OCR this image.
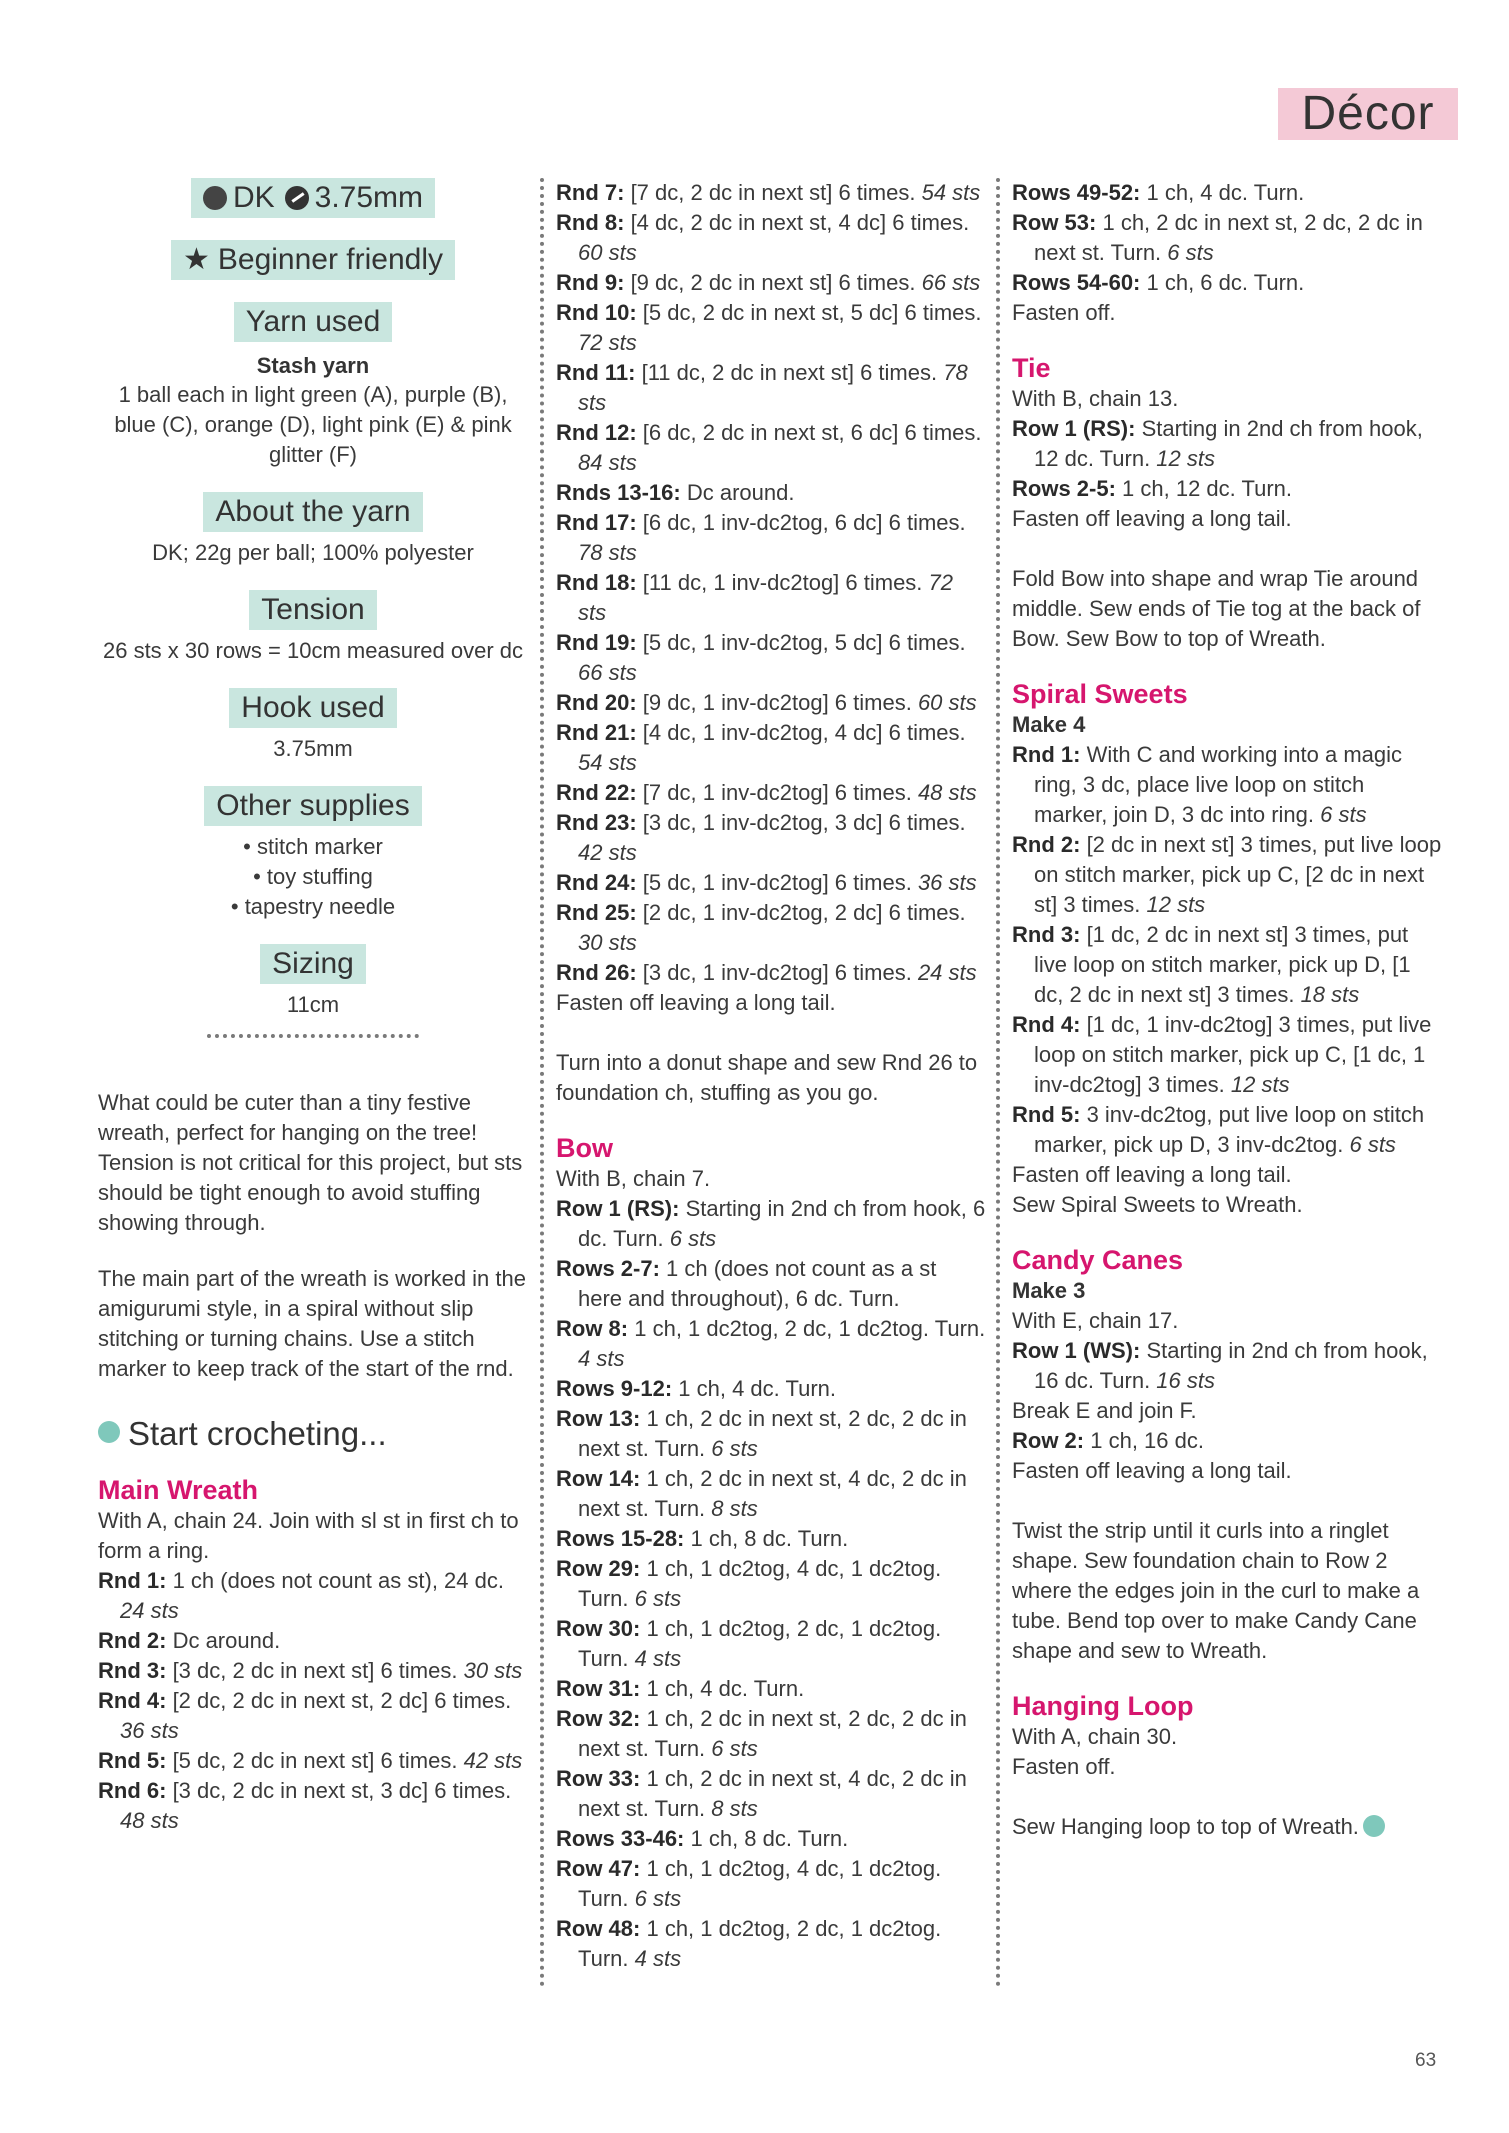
Décor
DK 3.75mm
★ Beginner friendly
Yarn used
Stash yarn
1 ball each in light green (A), purple (B), blue (C), orange (D), light pink (E) & pink glitter (F)
About the yarn
DK; 22g per ball; 100% polyester
Tension
26 sts x 30 rows = 10cm measured over dc
Hook used
3.75mm
Other supplies
• stitch marker
• toy stuffing
• tapestry needle
Sizing
11cm
What could be cuter than a tiny festive wreath, perfect for hanging on the tree! Tension is not critical for this project, but sts should be tight enough to avoid stuffing showing through.
The main part of the wreath is worked in the amigurumi style, in a spiral without slip stitching or turning chains. Use a stitch marker to keep track of the start of the rnd.
Start crocheting...
Main Wreath
With A, chain 24. Join with sl st in first ch to form a ring.
Rnd 1: 1 ch (does not count as st), 24 dc. 24 sts
Rnd 2: Dc around.
Rnd 3: [3 dc, 2 dc in next st] 6 times. 30 sts
Rnd 4: [2 dc, 2 dc in next st, 2 dc] 6 times. 36 sts
Rnd 5: [5 dc, 2 dc in next st] 6 times. 42 sts
Rnd 6: [3 dc, 2 dc in next st, 3 dc] 6 times. 48 sts
Rnd 7: [7 dc, 2 dc in next st] 6 times. 54 sts
Rnd 8: [4 dc, 2 dc in next st, 4 dc] 6 times. 60 sts
Rnd 9: [9 dc, 2 dc in next st] 6 times. 66 sts
Rnd 10: [5 dc, 2 dc in next st, 5 dc] 6 times. 72 sts
Rnd 11: [11 dc, 2 dc in next st] 6 times. 78 sts
Rnd 12: [6 dc, 2 dc in next st, 6 dc] 6 times. 84 sts
Rnds 13-16: Dc around.
Rnd 17: [6 dc, 1 inv-dc2tog, 6 dc] 6 times. 78 sts
Rnd 18: [11 dc, 1 inv-dc2tog] 6 times. 72 sts
Rnd 19: [5 dc, 1 inv-dc2tog, 5 dc] 6 times. 66 sts
Rnd 20: [9 dc, 1 inv-dc2tog] 6 times. 60 sts
Rnd 21: [4 dc, 1 inv-dc2tog, 4 dc] 6 times. 54 sts
Rnd 22: [7 dc, 1 inv-dc2tog] 6 times. 48 sts
Rnd 23: [3 dc, 1 inv-dc2tog, 3 dc] 6 times. 42 sts
Rnd 24: [5 dc, 1 inv-dc2tog] 6 times. 36 sts
Rnd 25: [2 dc, 1 inv-dc2tog, 2 dc] 6 times. 30 sts
Rnd 26: [3 dc, 1 inv-dc2tog] 6 times. 24 sts
Fasten off leaving a long tail.
Turn into a donut shape and sew Rnd 26 to foundation ch, stuffing as you go.
Bow
With B, chain 7.
Row 1 (RS): Starting in 2nd ch from hook, 6 dc. Turn. 6 sts
Rows 2-7: 1 ch (does not count as a st here and throughout), 6 dc. Turn.
Row 8: 1 ch, 1 dc2tog, 2 dc, 1 dc2tog. Turn. 4 sts
Rows 9-12: 1 ch, 4 dc. Turn.
Row 13: 1 ch, 2 dc in next st, 2 dc, 2 dc in next st. Turn. 6 sts
Row 14: 1 ch, 2 dc in next st, 4 dc, 2 dc in next st. Turn. 8 sts
Rows 15-28: 1 ch, 8 dc. Turn.
Row 29: 1 ch, 1 dc2tog, 4 dc, 1 dc2tog. Turn. 6 sts
Row 30: 1 ch, 1 dc2tog, 2 dc, 1 dc2tog. Turn. 4 sts
Row 31: 1 ch, 4 dc. Turn.
Row 32: 1 ch, 2 dc in next st, 2 dc, 2 dc in next st. Turn. 6 sts
Row 33: 1 ch, 2 dc in next st, 4 dc, 2 dc in next st. Turn. 8 sts
Rows 33-46: 1 ch, 8 dc. Turn.
Row 47: 1 ch, 1 dc2tog, 4 dc, 1 dc2tog. Turn. 6 sts
Row 48: 1 ch, 1 dc2tog, 2 dc, 1 dc2tog. Turn. 4 sts
Rows 49-52: 1 ch, 4 dc. Turn.
Row 53: 1 ch, 2 dc in next st, 2 dc, 2 dc in next st. Turn. 6 sts
Rows 54-60: 1 ch, 6 dc. Turn.
Fasten off.
Tie
With B, chain 13.
Row 1 (RS): Starting in 2nd ch from hook, 12 dc. Turn. 12 sts
Rows 2-5: 1 ch, 12 dc. Turn.
Fasten off leaving a long tail.
Fold Bow into shape and wrap Tie around middle. Sew ends of Tie tog at the back of Bow. Sew Bow to top of Wreath.
Spiral Sweets
Make 4
Rnd 1: With C and working into a magic ring, 3 dc, place live loop on stitch marker, join D, 3 dc into ring. 6 sts
Rnd 2: [2 dc in next st] 3 times, put live loop on stitch marker, pick up C, [2 dc in next st] 3 times. 12 sts
Rnd 3: [1 dc, 2 dc in next st] 3 times, put live loop on stitch marker, pick up D, [1 dc, 2 dc in next st] 3 times. 18 sts
Rnd 4: [1 dc, 1 inv-dc2tog] 3 times, put live loop on stitch marker, pick up C, [1 dc, 1 inv-dc2tog] 3 times. 12 sts
Rnd 5: 3 inv-dc2tog, put live loop on stitch marker, pick up D, 3 inv-dc2tog. 6 sts
Fasten off leaving a long tail.
Sew Spiral Sweets to Wreath.
Candy Canes
Make 3
With E, chain 17.
Row 1 (WS): Starting in 2nd ch from hook, 16 dc. Turn. 16 sts
Break E and join F.
Row 2: 1 ch, 16 dc.
Fasten off leaving a long tail.
Twist the strip until it curls into a ringlet shape. Sew foundation chain to Row 2 where the edges join in the curl to make a tube. Bend top over to make Candy Cane shape and sew to Wreath.
Hanging Loop
With A, chain 30.
Fasten off.
Sew Hanging loop to top of Wreath.
63
